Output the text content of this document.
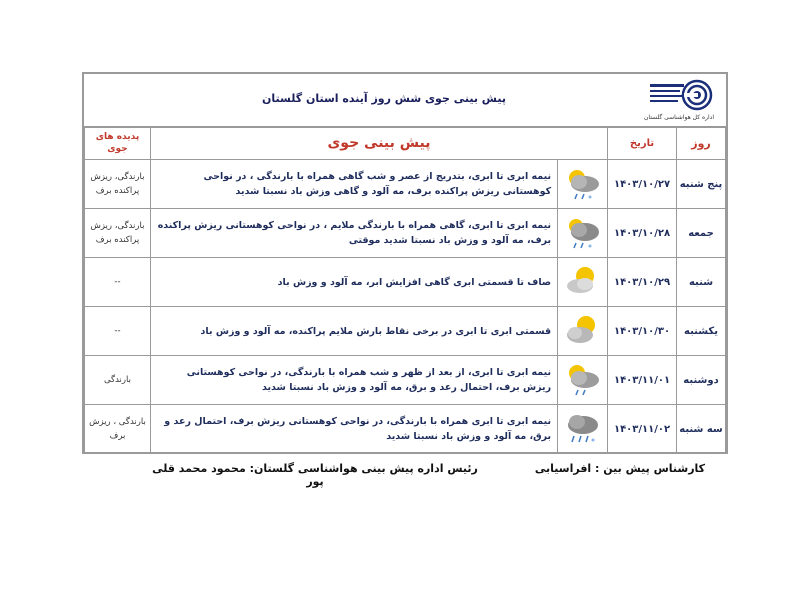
پیش بینی جوی شش روز آینده استان گلستان
اداره کل هواشناسی گلستان
روز	تاریخ	پیش بینی جوی		پدیده های جوی
پنج شنبه	۱۴۰۳/۱۰/۲۷		نیمه ابری تا ابری، بتدریج از عصر و شب گاهی همراه با بارندگی ، در نواحی کوهستانی ریزش پراکنده برف، مه آلود و گاهی وزش باد نسبتا شدید	بارندگی، ریزش پراکنده برف
جمعه	۱۴۰۳/۱۰/۲۸		نیمه ابری تا ابری، گاهی همراه با بارندگی ملایم ، در نواحی کوهستانی ریزش پراکنده برف، مه آلود و وزش باد نسبتا شدید موقتی	بارندگی، ریزش پراکنده برف
شنبه	۱۴۰۳/۱۰/۲۹		صاف تا قسمتی ابری گاهی افزایش ابر، مه آلود و وزش باد	--
یکشنبه	۱۴۰۳/۱۰/۳۰		قسمتی ابری تا ابری در برخی نقاط بارش ملایم پراکنده، مه آلود و وزش باد	--
دوشنبه	۱۴۰۳/۱۱/۰۱		نیمه ابری تا ابری، از بعد از ظهر و شب همراه با بارندگی، در نواحی کوهستانی ریزش برف، احتمال رعد و برق، مه آلود و وزش باد نسبتا شدید	بارندگی
سه شنبه	۱۴۰۳/۱۱/۰۲		نیمه ابری تا ابری همراه با بارندگی، در نواحی کوهستانی ریزش برف، احتمال رعد و برق، مه آلود و وزش باد نسبتا شدید	بارندگی ، ریزش برف
کارشناس پیش بین : افراسیابی
رئیس اداره پیش بینی هواشناسی گلستان: محمود محمد قلی پور
